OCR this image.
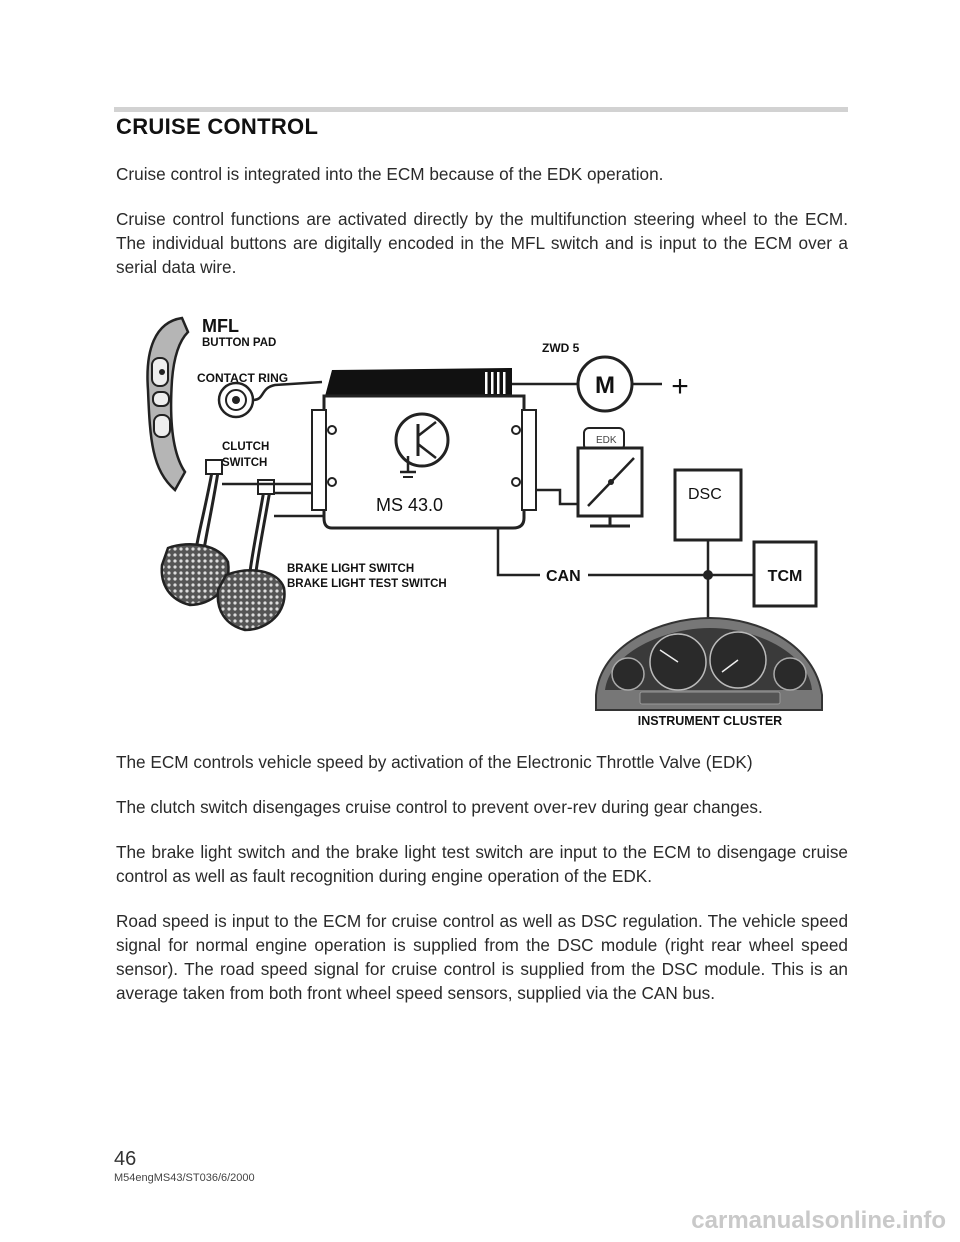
CRUISE CONTROL

Cruise control is integrated into the ECM because of the EDK operation.

Cruise control functions are activated directly by the multifunction steering wheel to the ECM. The individual buttons are digitally encoded in the MFL switch and is input to the ECM over a serial data wire.

MFL
BUTTON PAD
CONTACT RING
CLUTCH
SWITCH
MS 43.0
M +
ZWD 5
EDK
DSC
TCM
CAN
BRAKE LIGHT SWITCH
BRAKE LIGHT TEST SWITCH
INSTRUMENT CLUSTER

The ECM controls vehicle speed by activation of the Electronic Throttle Valve (EDK)

The clutch switch disengages cruise control to prevent over-rev during gear changes.

The brake light switch and the brake light test switch are input to the ECM to disengage cruise control as well as fault recognition during engine operation of the EDK.

Road speed is input to the ECM for cruise control as well as DSC regulation. The vehicle speed signal for normal engine operation is supplied from the DSC module (right rear wheel speed sensor). The road speed signal for cruise control is supplied from the DSC module. This is an average taken from both front wheel speed sensors, supplied via the CAN bus.

46

M54engMS43/ST036/6/2000

carmanualsonline.info
